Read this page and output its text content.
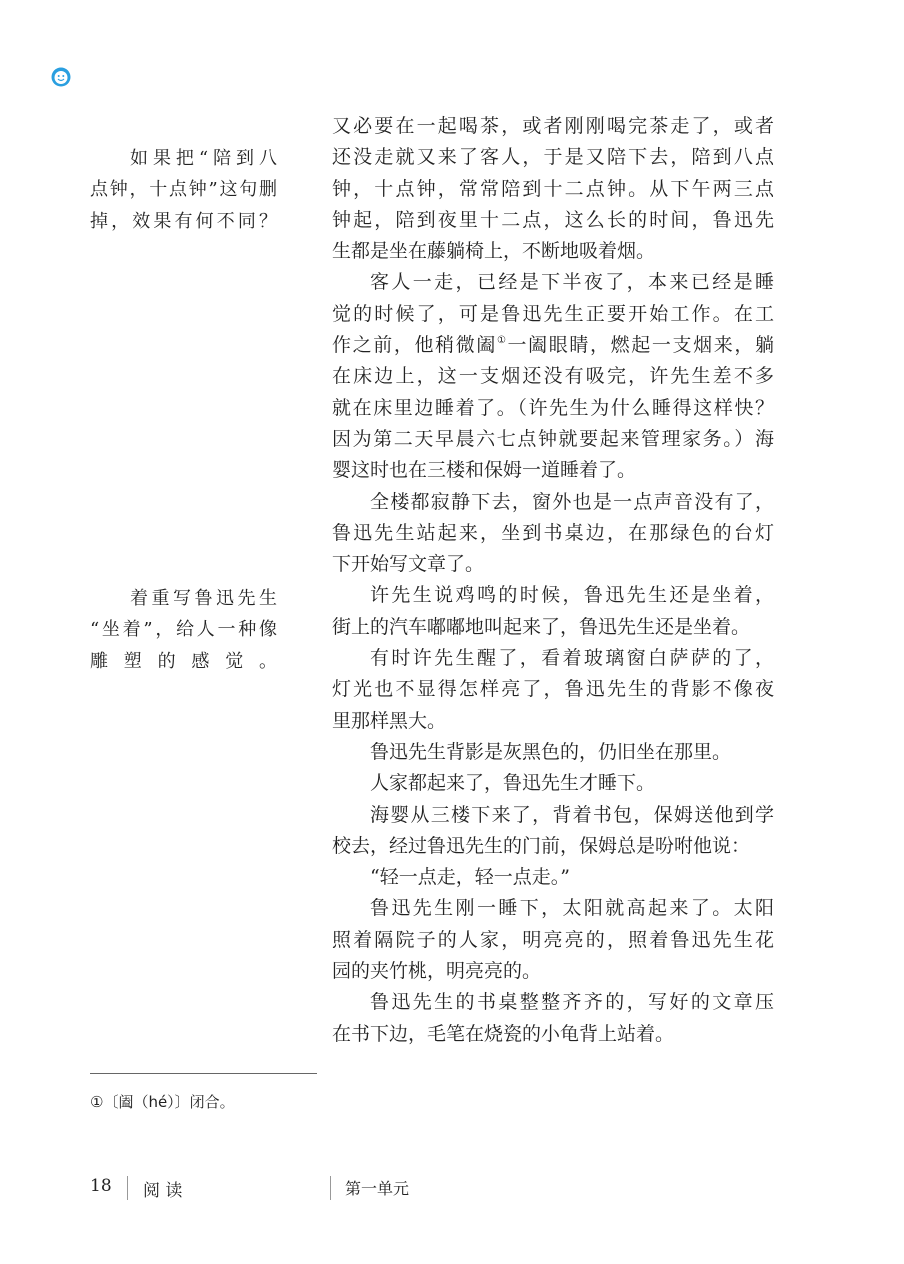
如果把“陪到八
点钟，十点钟”这句删
掉，效果有何不同？
着重写鲁迅先生
“坐着”，给人一种像
雕塑的感觉。
又必要在一起喝茶，或者刚刚喝完茶走了，或者
还没走就又来了客人，于是又陪下去，陪到八点
钟，十点钟，常常陪到十二点钟。从下午两三点
钟起，陪到夜里十二点，这么长的时间，鲁迅先
生都是坐在藤躺椅上，不断地吸着烟。
客人一走，已经是下半夜了，本来已经是睡
觉的时候了，可是鲁迅先生正要开始工作。在工
作之前，他稍微阖①一阖眼睛，燃起一支烟来，躺
在床边上，这一支烟还没有吸完，许先生差不多
就在床里边睡着了。（许先生为什么睡得这样快？
因为第二天早晨六七点钟就要起来管理家务。）海
婴这时也在三楼和保姆一道睡着了。
全楼都寂静下去，窗外也是一点声音没有了，
鲁迅先生站起来，坐到书桌边，在那绿色的台灯
下开始写文章了。
许先生说鸡鸣的时候，鲁迅先生还是坐着，
街上的汽车嘟嘟地叫起来了，鲁迅先生还是坐着。
有时许先生醒了，看着玻璃窗白萨萨的了，
灯光也不显得怎样亮了，鲁迅先生的背影不像夜
里那样黑大。
鲁迅先生背影是灰黑色的，仍旧坐在那里。
人家都起来了，鲁迅先生才睡下。
海婴从三楼下来了，背着书包，保姆送他到学
校去，经过鲁迅先生的门前，保姆总是吩咐他说：
“轻一点走，轻一点走。”
鲁迅先生刚一睡下，太阳就高起来了。太阳
照着隔院子的人家，明亮亮的，照着鲁迅先生花
园的夹竹桃，明亮亮的。
鲁迅先生的书桌整整齐齐的，写好的文章压
在书下边，毛笔在烧瓷的小龟背上站着。
①〔阖（hé）〕闭合。
18 阅 读	第一单元
